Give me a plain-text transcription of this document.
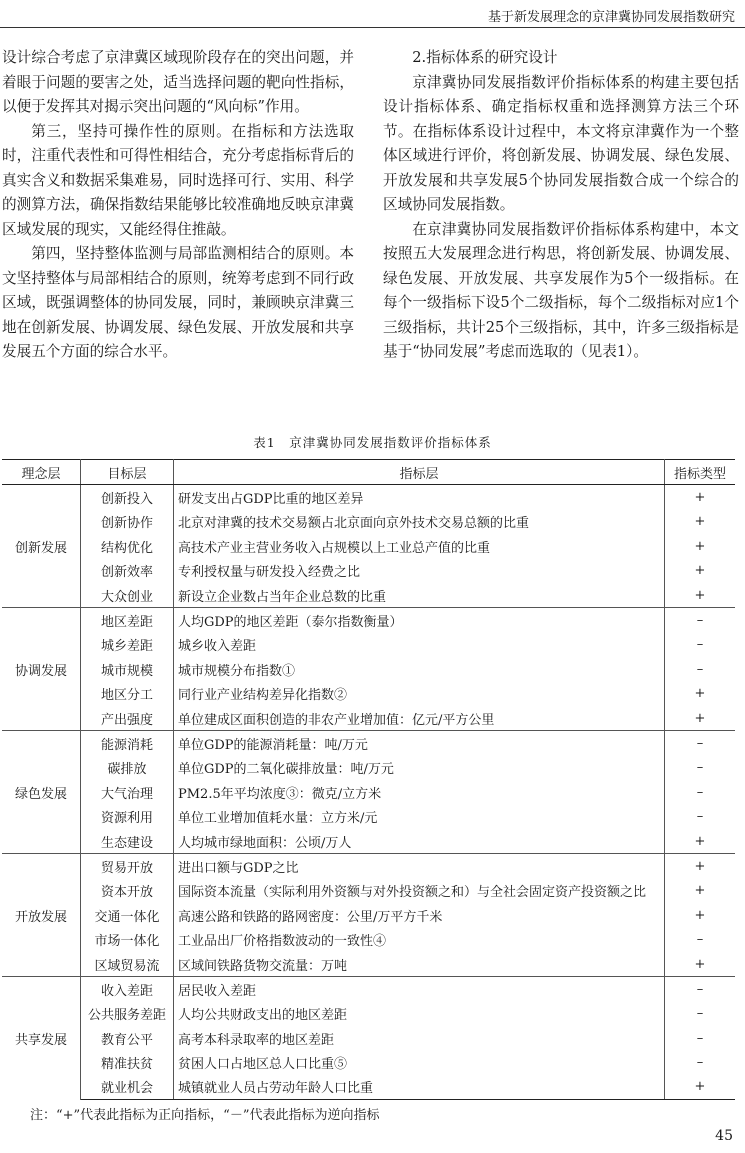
基于新发展理念的京津冀协同发展指数研究

设计综合考虑了京津冀区域现阶段存在的突出问题，并着眼于问题的要害之处，适当选择问题的靶向性指标，以便于发挥其对揭示突出问题的“风向标”作用。

第三，坚持可操作性的原则。在指标和方法选取时，注重代表性和可得性相结合，充分考虑指标背后的真实含义和数据采集难易，同时选择可行、实用、科学的测算方法，确保指数结果能够比较准确地反映京津冀区域发展的现实，又能经得住推敲。

第四，坚持整体监测与局部监测相结合的原则。本文坚持整体与局部相结合的原则，统筹考虑到不同行政区域，既强调整体的协同发展，同时，兼顾映京津冀三地在创新发展、协调发展、绿色发展、开放发展和共享发展五个方面的综合水平。

2.指标体系的研究设计

京津冀协同发展指数评价指标体系的构建主要包括设计指标体系、确定指标权重和选择测算方法三个环节。在指标体系设计过程中，本文将京津冀作为一个整体区域进行评价，将创新发展、协调发展、绿色发展、开放发展和共享发展5个协同发展指数合成一个综合的区域协同发展指数。

在京津冀协同发展指数评价指标体系构建中，本文按照五大发展理念进行构思，将创新发展、协调发展、绿色发展、开放发展、共享发展作为5个一级指标。在每个一级指标下设5个二级指标，每个二级指标对应1个三级指标，共计25个三级指标，其中，许多三级指标是基于“协同发展”考虑而选取的（见表1）。

表1　京津冀协同发展指数评价指标体系
理念层	目标层	指标层	指标类型
创新发展	创新投入	研发支出占GDP比重的地区差异	+
	创新协作	北京对津冀的技术交易额占北京面向京外技术交易总额的比重	+
	结构优化	高技术产业主营业务收入占规模以上工业总产值的比重	+
	创新效率	专利授权量与研发投入经费之比	+
	大众创业	新设立企业数占当年企业总数的比重	+
协调发展	地区差距	人均GDP的地区差距（泰尔指数衡量）	–
	城乡差距	城乡收入差距	–
	城市规模	城市规模分布指数①	–
	地区分工	同行业产业结构差异化指数②	+
	产出强度	单位建成区面积创造的非农产业增加值：亿元/平方公里	+
绿色发展	能源消耗	单位GDP的能源消耗量：吨/万元	–
	碳排放	单位GDP的二氧化碳排放量：吨/万元	–
	大气治理	PM2.5年平均浓度③：微克/立方米	–
	资源利用	单位工业增加值耗水量：立方米/元	–
	生态建设	人均城市绿地面积：公顷/万人	+
开放发展	贸易开放	进出口额与GDP之比	+
	资本开放	国际资本流量（实际利用外资额与对外投资额之和）与全社会固定资产投资额之比	+
	交通一体化	高速公路和铁路的路网密度：公里/万平方千米	+
	市场一体化	工业品出厂价格指数波动的一致性④	–
	区域贸易流	区域间铁路货物交流量：万吨	+
共享发展	收入差距	居民收入差距	–
	公共服务差距	人均公共财政支出的地区差距	–
	教育公平	高考本科录取率的地区差距	–
	精准扶贫	贫困人口占地区总人口比重⑤	–
	就业机会	城镇就业人员占劳动年龄人口比重	+
注：“+”代表此指标为正向指标，“－”代表此指标为逆向指标
45
